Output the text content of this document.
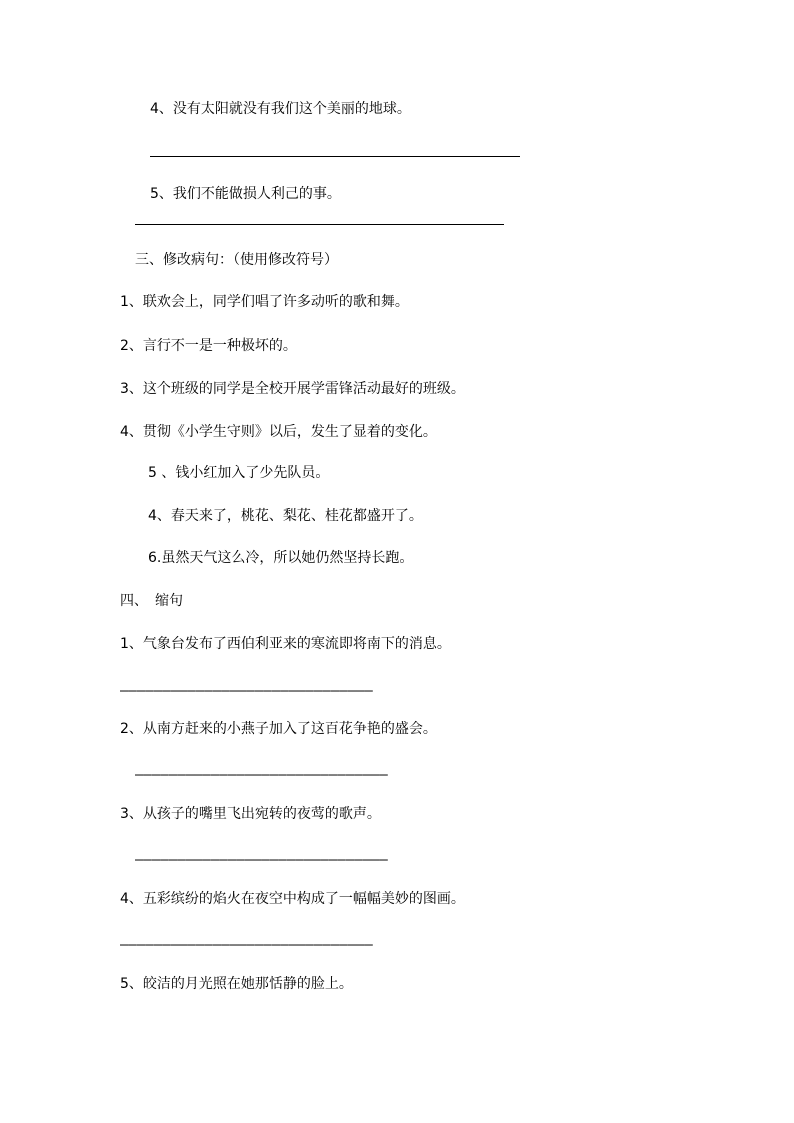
4、没有太阳就没有我们这个美丽的地球。
5、我们不能做损人利己的事。
三、修改病句：（使用修改符号）
1、联欢会上，同学们唱了许多动听的歌和舞。
2、言行不一是一种极坏的。
3、这个班级的同学是全校开展学雷锋活动最好的班级。
4、贯彻《小学生守则》以后，发生了显着的变化。
5 、钱小红加入了少先队员。
4、春天来了，桃花、梨花、桂花都盛开了。
6.虽然天气这么冷，所以她仍然坚持长跑。
四、　缩句
1、气象台发布了西伯利亚来的寒流即将南下的消息。
——————————————————————————————
2、从南方赶来的小燕子加入了这百花争艳的盛会。
——————————————————————————————
3、从孩子的嘴里飞出宛转的夜莺的歌声。
——————————————————————————————
4、五彩缤纷的焰火在夜空中构成了一幅幅美妙的图画。
——————————————————————————————
5、皎洁的月光照在她那恬静的脸上。
